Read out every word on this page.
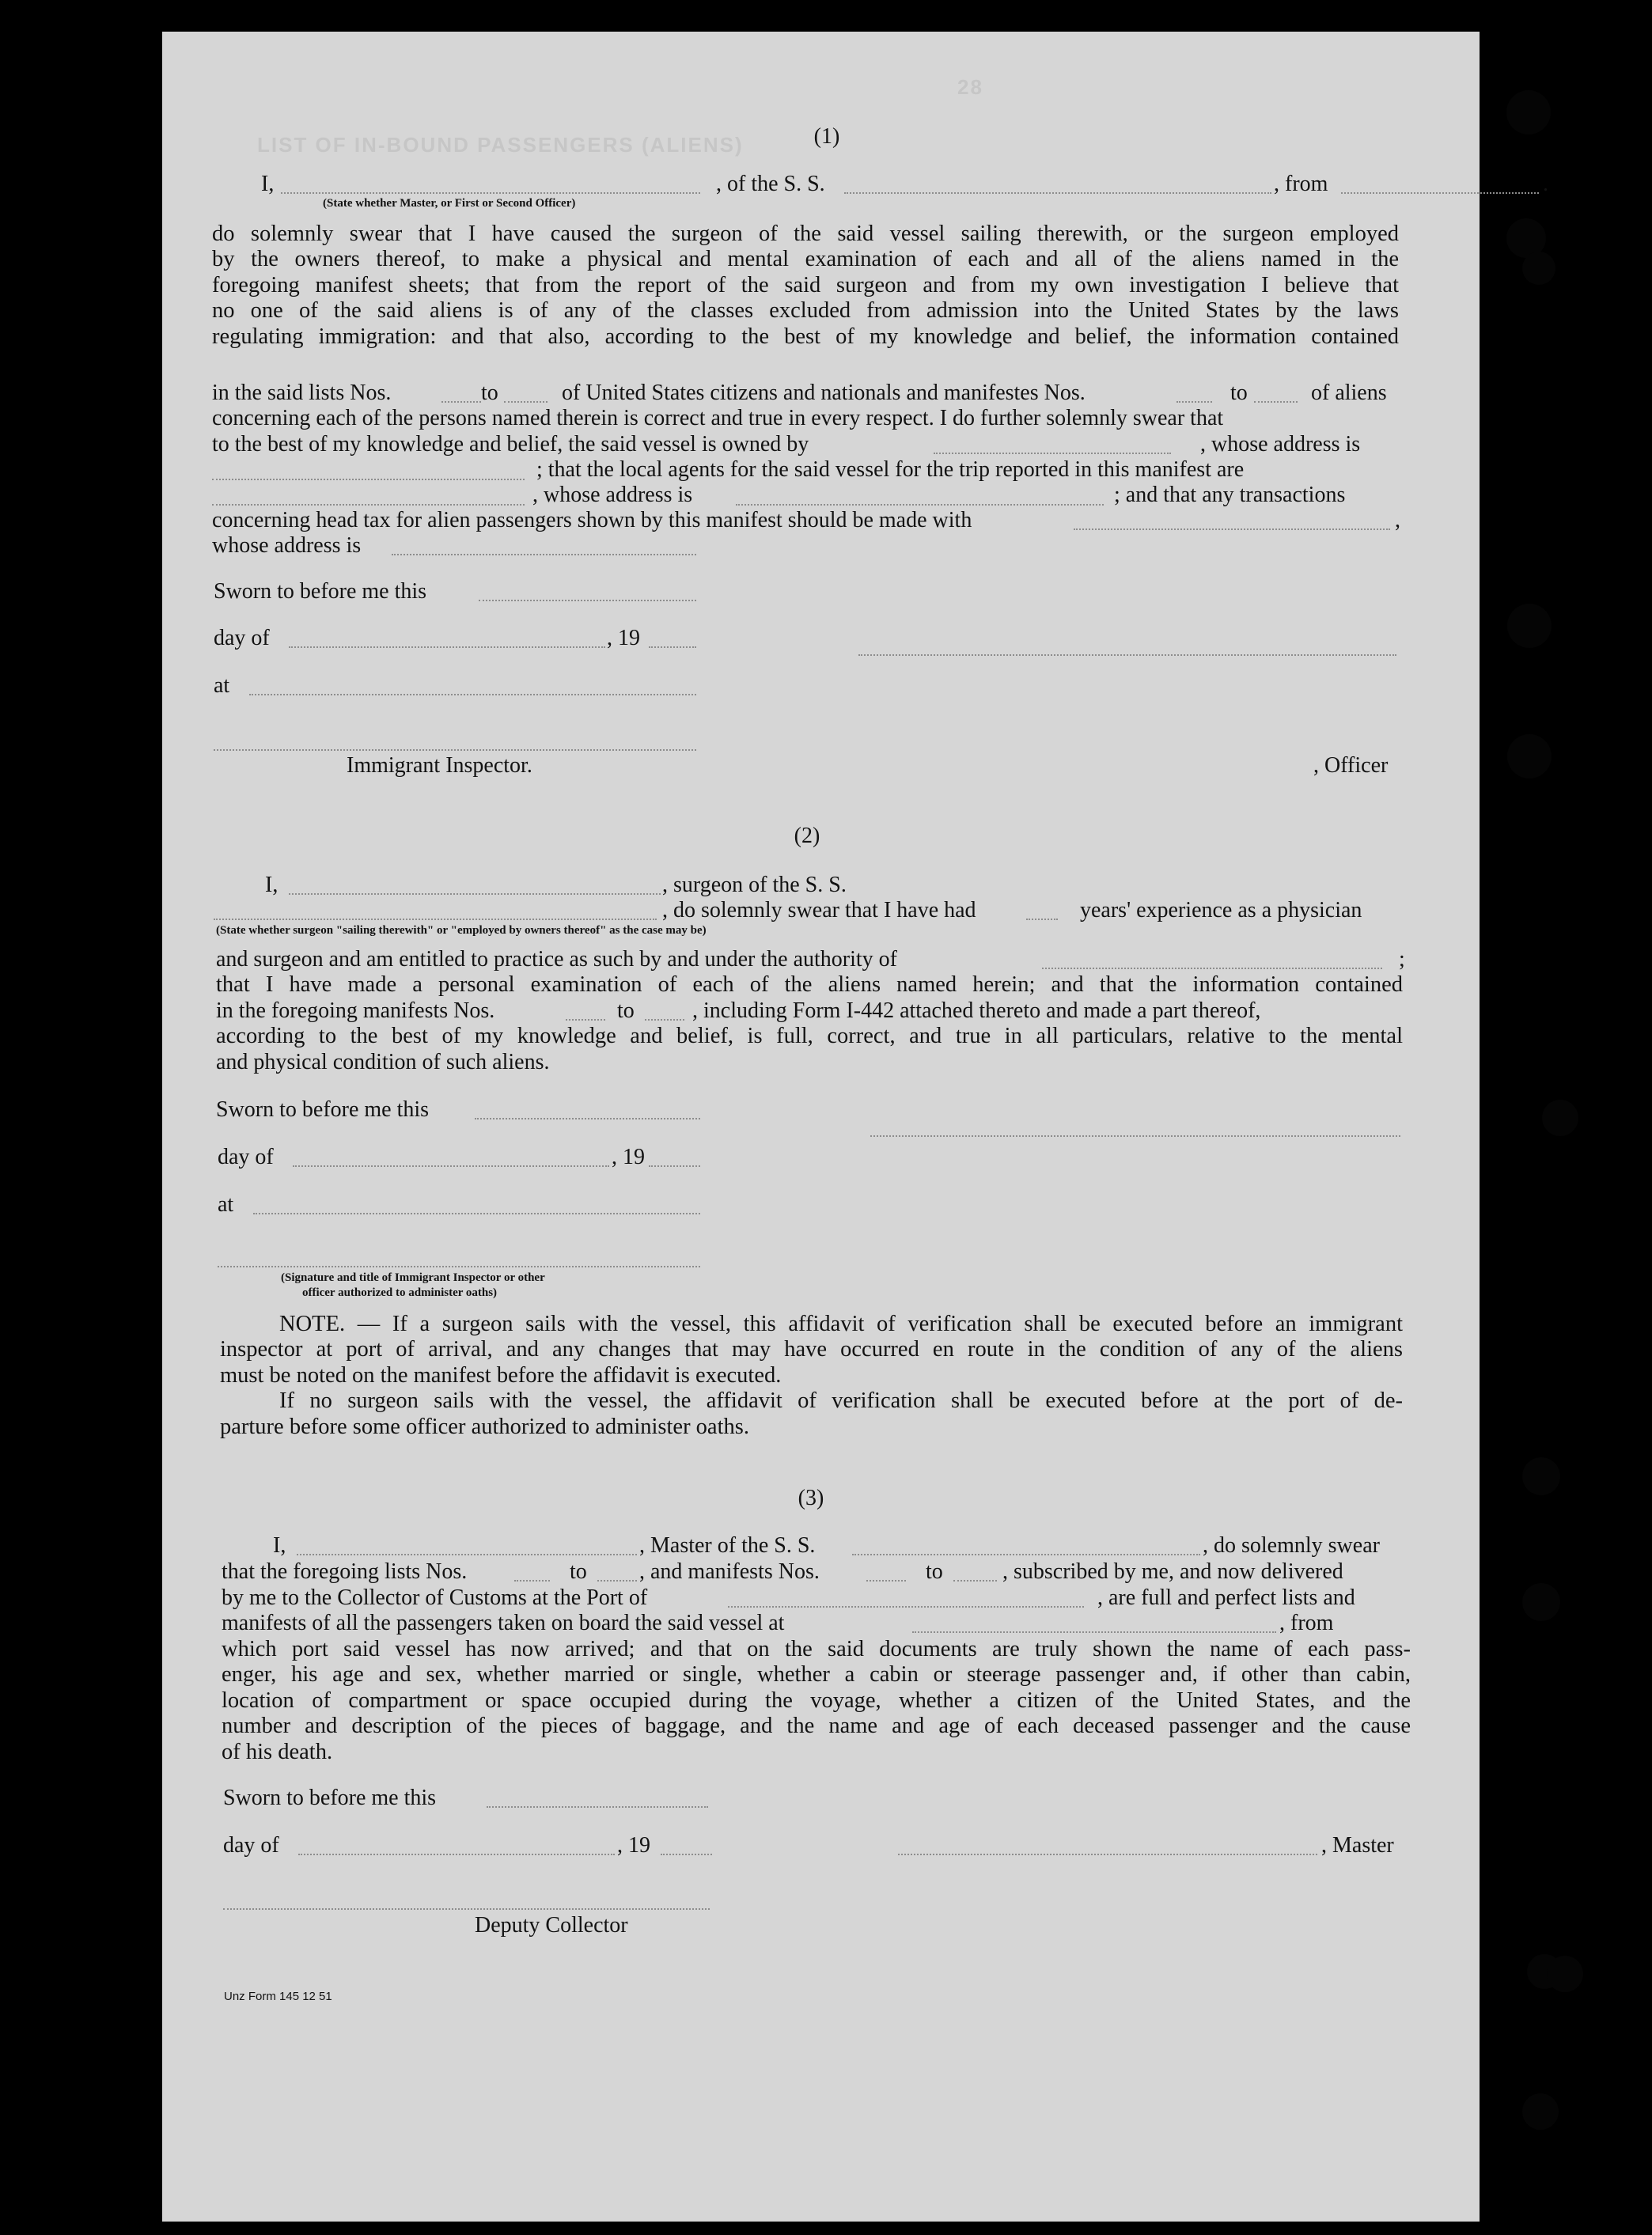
28
LIST OF IN-BOUND PASSENGERS (ALIENS)	(1)
I,	, of the S. S.	, from	.
(State whether Master, or First or Second Officer)
do solemnly swear that I have caused the surgeon of the said vessel sailing therewith, or the surgeon employed
by the owners thereof, to make a physical and mental examination of each and all of the aliens named in the
foregoing manifest sheets; that from the report of the said surgeon and from my own investigation I believe that
no one of the said aliens is of any of the classes excluded from admission into the United States by the laws
regulating immigration: and that also, according to the best of my knowledge and belief, the information contained
in the said lists Nos.	to	of United States citizens and nationals and manifestes Nos.	to	of aliens
concerning each of the persons named therein is correct and true in every respect. I do further solemnly swear that
to the best of my knowledge and belief, the said vessel is owned by	, whose address is
; that the local agents for the said vessel for the trip reported in this manifest are
, whose address is	; and that any transactions
concerning head tax for alien passengers shown by this manifest should be made with	,
whose address is
Sworn to before me this
day of	, 19
at
Immigrant Inspector.	, Officer
(2)
I,	, surgeon of the S. S.
, do solemnly swear that I have had	years' experience as a physician
(State whether surgeon "sailing therewith" or "employed by owners thereof" as the case may be)
and surgeon and am entitled to practice as such by and under the authority of	;
that I have made a personal examination of each of the aliens named herein; and that the information contained
in the foregoing manifests Nos.	to	, including Form I-442 attached thereto and made a part thereof,
according to the best of my knowledge and belief, is full, correct, and true in all particulars, relative to the mental
and physical condition of such aliens.
Sworn to before me this
day of	, 19
at
(Signature and title of Immigrant Inspector or other
officer authorized to administer oaths)
NOTE. — If a surgeon sails with the vessel, this affidavit of verification shall be executed before an immigrant
inspector at port of arrival, and any changes that may have occurred en route in the condition of any of the aliens
must be noted on the manifest before the affidavit is executed.
If no surgeon sails with the vessel, the affidavit of verification shall be executed before at the port of de-
parture before some officer authorized to administer oaths.
(3)
I,	, Master of the S. S.	, do solemnly swear
that the foregoing lists Nos.	to , and manifests Nos.	to	, subscribed by me, and now delivered
by me to the Collector of Customs at the Port of	, are full and perfect lists and
manifests of all the passengers taken on board the said vessel at	, from
which port said vessel has now arrived; and that on the said documents are truly shown the name of each pass-
enger, his age and sex, whether married or single, whether a cabin or steerage passenger and, if other than cabin,
location of compartment or space occupied during the voyage, whether a citizen of the United States, and the
number and description of the pieces of baggage, and the name and age of each deceased passenger and the cause
of his death.
Sworn to before me this
day of	, 19	, Master
Deputy Collector
Unz Form 145 12 51
